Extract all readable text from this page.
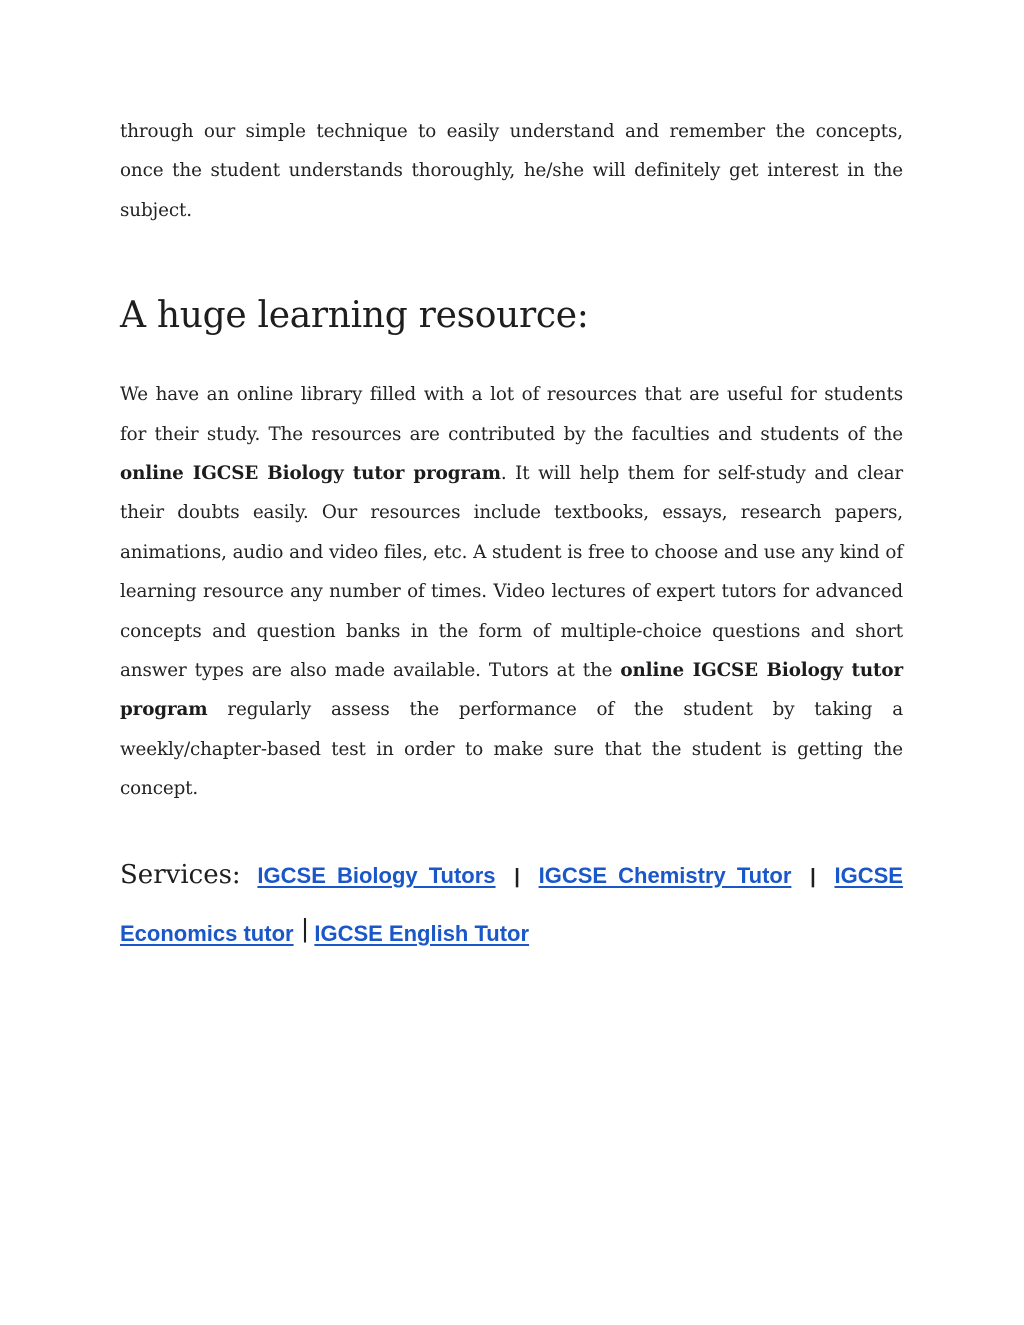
through our simple technique to easily understand and remember the concepts, once the student understands thoroughly, he/she will definitely get interest in the subject.

A huge learning resource:

We have an online library filled with a lot of resources that are useful for students for their study. The resources are contributed by the faculties and students of the online IGCSE Biology tutor program. It will help them for self-study and clear their doubts easily. Our resources include textbooks, essays, research papers, animations, audio and video files, etc. A student is free to choose and use any kind of learning resource any number of times. Video lectures of expert tutors for advanced concepts and question banks in the form of multiple-choice questions and short answer types are also made available. Tutors at the online IGCSE Biology tutor program regularly assess the performance of the student by taking a weekly/chapter-based test in order to make sure that the student is getting the concept.

Services: IGCSE Biology Tutors | IGCSE Chemistry Tutor | IGCSE Economics tutor | IGCSE English Tutor
